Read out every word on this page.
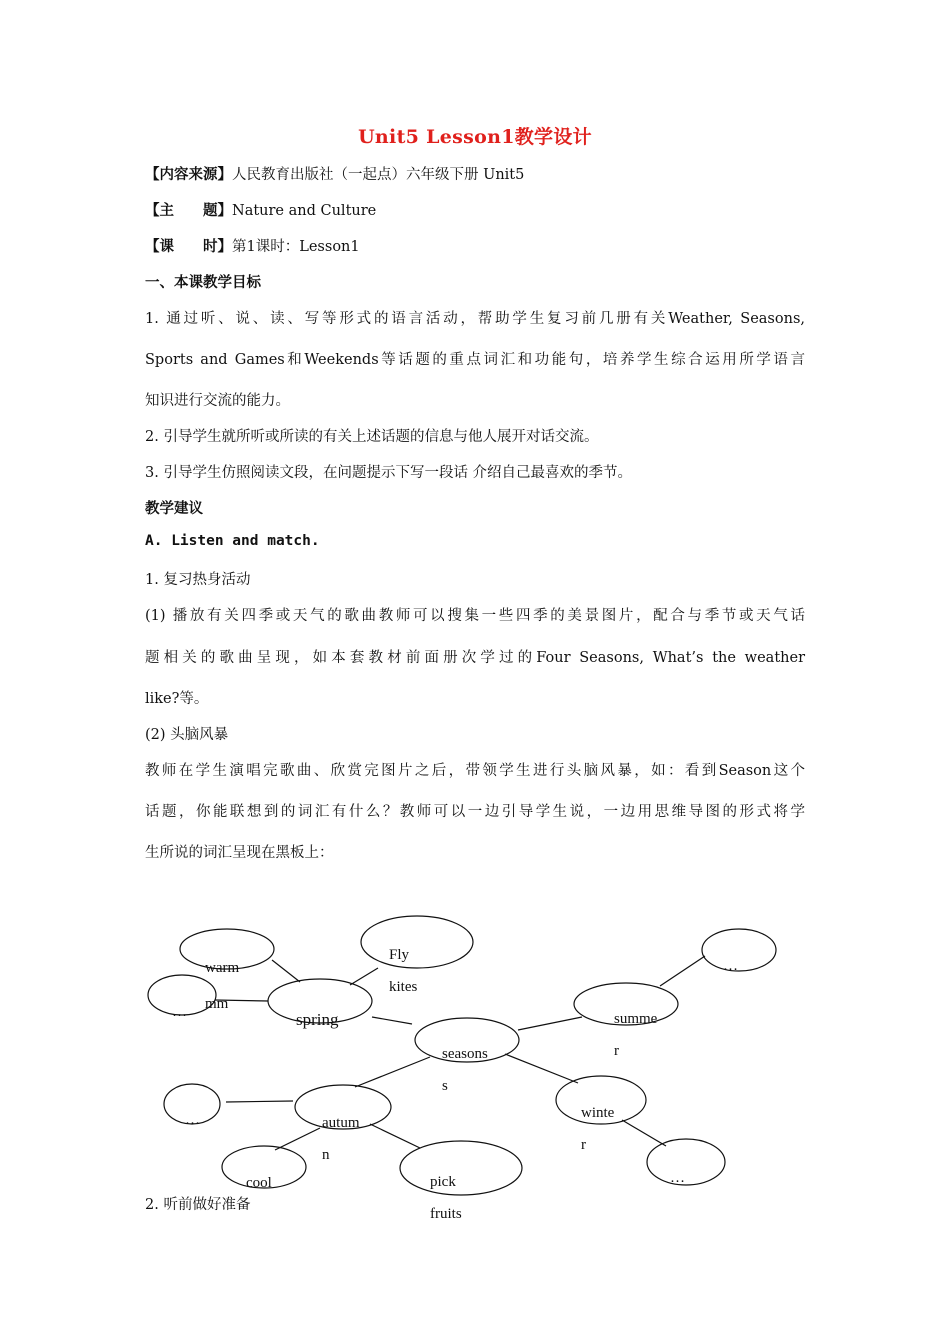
Unit5 Lesson1教学设计
【内容来源】人民教育出版社（一起点）六年级下册 Unit5
【主　　题】Nature and Culture
【课　　时】第1课时：Lesson1
一、本课教学目标
1. 通过听、说、读、写等形式的语言活动，帮助学生复习前几册有关Weather, Seasons,
Sports and Games和Weekends等话题的重点词汇和功能句，培养学生综合运用所学语言
知识进行交流的能力。
2. 引导学生就所听或所读的有关上述话题的信息与他人展开对话交流。
3. 引导学生仿照阅读文段，在问题提示下写一段话 介绍自己最喜欢的季节。
教学建议
A. Listen and match.
1. 复习热身活动
(1) 播放有关四季或天气的歌曲教师可以搜集一些四季的美景图片，配合与季节或天气话
题相关的歌曲呈现，如本套教材前面册次学过的Four Seasons, What’s the weather
like?等。
(2) 头脑风暴
教师在学生演唱完歌曲、欣赏完图片之后，带领学生进行头脑风暴，如：看到Season这个
话题，你能联想到的词汇有什么？教师可以一边引导学生说，一边用思维导图的形式将学
生所说的词汇呈现在黑板上：
warm
mm
…	spring
Fly
kites
seasons
s
…
summe
r
winte
r
…
…	autum
n
cool	pick
fruits
2. 听前做好准备
